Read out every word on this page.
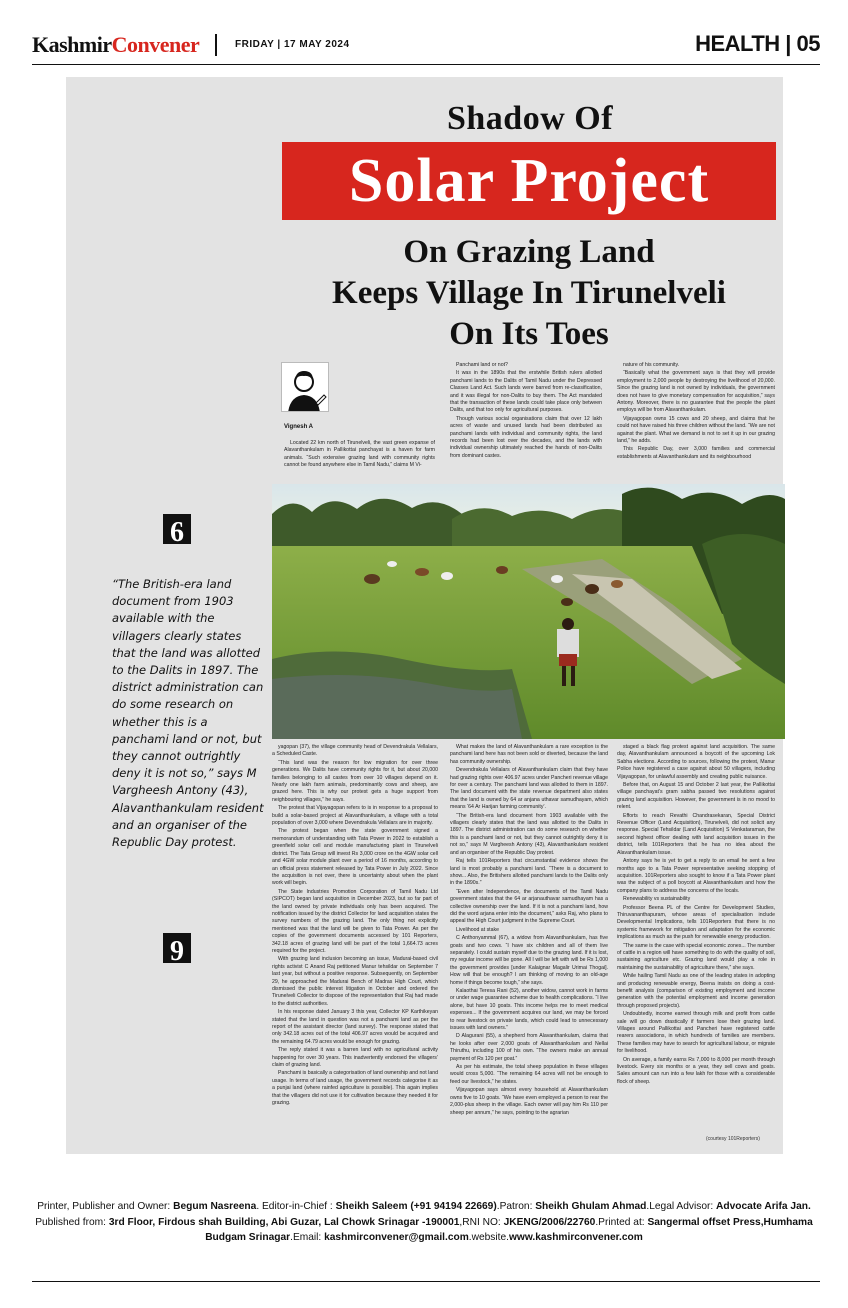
KashmirConvener	FRIDAY | 17 MAY 2024	HEALTH | 05
Shadow Of
Solar Project
On Grazing Land
Keeps Village In Tirunelveli
On Its Toes
Vignesh A

Located 22 km north of Tirunelveli, the vast green expanse of Alavanthankulam in Pallikottai panchayat is a haven for farm animals. “Such extensive grazing land with community rights cannot be found anywhere else in Tamil Nadu,” claims M Vi-

Panchami land or not?

It was in the 1890s that the erstwhile British rulers allotted panchami lands to the Dalits of Tamil Nadu under the Depressed Classes Land Act. Such lands were barred from re-classification, and it was illegal for non-Dalits to buy them. The Act mandated that the transaction of these lands could take place only between Dalits, and that too only for agricultural purposes.

Though various social organisations claim that over 12 lakh acres of waste and unused lands had been distributed as panchami lands with individual and community rights, the land records had been lost over the decades, and the lands with individual ownership ultimately reached the hands of non-Dalits from dominant castes.

nature of his community.

“Basically what the government says is that they will provide employment to 2,000 people by destroying the livelihood of 20,000. Since the grazing land is not owned by individuals, the government does not have to give monetary compensation for acquisition,” says Antony. Moreover, there is no guarantee that the people the plant employs will be from Alavanthankulam.

Vijayagopan owns 15 cows and 20 sheep, and claims that he could not have raised his three children without the land. “We are not against the plant. What we demand is not to set it up in our grazing land,” he adds.

This Republic Day, over 3,000 families and commercial establishments at Alavanthankulam and its neighbourhood

6
“The British-era land document from 1903 available with the villagers clearly states that the land was allotted to the Dalits in 1897. The district administration can do some research on whether this is a panchami land or not, but they cannot outrightly deny it is not so,” says M Vargheesh Antony (43), Alavanthankulam resident and an organiser of the Republic Day protest.
9

yagopan (37), the village community head of Devendrakula Vellalars, a Scheduled Caste.

“This land was the reason for low migration for over three generations. We Dalits have community rights for it, but about 20,000 families belonging to all castes from over 10 villages depend on it. Nearly one lakh farm animals, predominantly cows and sheep, are grazed here. This is why our protest gets a huge support from neighbouring villages,” he says.

The protest that Vijayagopan refers to is in response to a proposal to build a solar-based project at Alavanthankulam, a village with a total population of over 3,000 where Devendrakula Vellalars are in majority.

The protest began when the state government signed a memorandum of understanding with Tata Power in 2022 to establish a greenfield solar cell and module manufacturing plant in Tirunelveli district. The Tata Group will invest Rs 3,000 crore on the 4GW solar cell and 4GW solar module plant over a period of 16 months, according to an official press statement released by Tata Power in July 2022. Since the acquisition is not over, there is uncertainty about when the plant work will begin.

The State Industries Promotion Corporation of Tamil Nadu Ltd (SIPCOT) began land acquisition in December 2023, but so far part of the land owned by private individuals only has been acquired. The notification issued by the district Collector for land acquisition states the survey numbers of the grazing land. The only thing not explicitly mentioned was that the land will be given to Tata Power. As per the copies of the government documents accessed by 101 Reporters, 342.18 acres of grazing land will be part of the total 1,664.73 acres required for the project.

With grazing land inclusion becoming an issue, Madurai-based civil rights activist C Anand Raj petitioned Manur tehsildar on September 7 last year, but without a positive response. Subsequently, on September 29, he approached the Madurai Bench of Madras High Court, which dismissed the public interest litigation in October and ordered the Tirunelveli Collector to dispose of the representation that Raj had made to the district authorities.

In his response dated January 3 this year, Collector KP Karthikeyan stated that the land in question was not a panchami land as per the report of the assistant director (land survey). The response stated that only 342.18 acres out of the total 406.97 acres would be acquired and the remaining 64.79 acres would be enough for grazing.

The reply stated it was a barren land with no agricultural activity happening for over 30 years. This inadvertently endorsed the villagers’ claim of grazing land.

Panchami is basically a categorisation of land ownership and not land usage. In terms of land usage, the government records categorise it as a punjai land (where rainfed agriculture is possible). This again implies that the villagers did not use it for cultivation because they needed it for grazing.

What makes the land of Alavanthankulam a rare exception is the panchami land here has not been sold or diverted, because the land has community ownership.

Devendrakula Vellalars of Alavanthankulam claim that they have had grazing rights over 406.97 acres under Pancheri revenue village for over a century. The panchami land was allotted to them in 1897. The land document with the state revenue department also states that the land is owned by 64 ar anjana uthavar samudhayam, which means ‘64 Ar Harijan farming community’.

“The British-era land document from 1903 available with the villagers clearly states that the land was allotted to the Dalits in 1897. The district administration can do some research on whether this is a panchami land or not, but they cannot outrightly deny it is not so,” says M Vargheesh Antony (43), Alavanthankulam resident and an organiser of the Republic Day protest.

Raj tells 101Reporters that circumstantial evidence shows the land is most probably a panchami land. “There is a document to show... Also, the Britishers allotted panchami lands to the Dalits only in the 1890s.”

“Even after Independence, the documents of the Tamil Nadu government states that the 64 ar arjanauthavar samudhayam has a collective ownership over the land. If it is not a panchami land, how did the word arjana enter into the document,” asks Raj, who plans to appeal the High Court judgment in the Supreme Court.

Livelihood at stake

C Anthonyammal (67), a widow from Alavanthankulam, has five goats and two cows. “I have six children and all of them live separately. I could sustain myself due to the grazing land. If it is lost, my regular income will be gone. All I will be left with will be Rs 1,000 the government provides [under Kalaignar Magalir Urimai Thogai]. How will that be enough? I am thinking of moving to an old-age home if things become tough,” she says.

Kalaothai Teresa Rani (52), another widow, cannot work in farms or under wage guarantee scheme due to health complications. “I live alone, but have 10 goats. This income helps me to meet medical expenses... If the government acquires our land, we may be forced to rear livestock on private lands, which could lead to unnecessary issues with land owners.”

D Alagurani (55), a shepherd from Alavanthankulam, claims that he looks after over 2,000 goats of Alavanthankulam and Nellai Thiruthu, including 100 of his own. “The owners make an annual payment of Rs 120 per goat.”

As per his estimate, the total sheep population in these villages would cross 5,000. “The remaining 64 acres will not be enough to feed our livestock,” he states.

Vijayagopan says almost every household at Alavanthankulam owns five to 10 goats. “We have even employed a person to rear the 2,000-plus sheep in the village. Each owner will pay him Rs 110 per sheep per annum,” he says, pointing to the agrarian

staged a black flag protest against land acquisition. The same day, Alavanthankulam announced a boycott of the upcoming Lok Sabha elections. According to sources, following the protest, Manur Police have registered a case against about 50 villagers, including Vijayagopan, for unlawful assembly and creating public nuisance.

Before that, on August 15 and October 2 last year, the Pallikottai village panchayat’s gram sabha passed two resolutions against grazing land acquisition. However, the government is in no mood to relent.

Efforts to reach Revathi Chandrasekaran, Special District Revenue Officer (Land Acquisition), Tirunelveli, did not solicit any response. Special Tehsildar (Land Acquisition) S Venkataraman, the second highest officer dealing with land acquisition issues in the district, tells 101Reporters that he has no idea about the Alavanthankulam issue.

Antony says he is yet to get a reply to an email he sent a few months ago to a Tata Power representative seeking stopping of acquisition. 101Reporters also sought to know if a Tata Power plant was the subject of a poll boycott at Alavanthankulam and how the company plans to address the concerns of the locals.

Renewability vs sustainability

Professor Beena PL of the Centre for Development Studies, Thiruvananthapuram, whose areas of specialisation include Developmental Implications, tells 101Reporters that there is no systemic framework for mitigation and adaptation for the economic implications as much as the push for renewable energy production.

“The same is the case with special economic zones... The number of cattle in a region will have something to do with the quality of soil, sustaining agriculture etc. Grazing land would play a role in maintaining the sustainability of agriculture there,” she says.

While hailing Tamil Nadu as one of the leading states in adopting and producing renewable energy, Beena insists on doing a cost-benefit analysis (comparison of existing employment and income generation with the potential employment and income generation through proposed projects).

Undoubtedly, income earned through milk and profit from cattle sale will go down drastically if farmers lose their grazing land. Villages around Pallikottai and Pancheri have registered cattle rearers associations, in which hundreds of families are members. These families may have to search for agricultural labour, or migrate for livelihood.

On average, a family earns Rs 7,000 to 8,000 per month through livestock. Every six months or a year, they sell cows and goats. Sales amount can run into a few lakh for those with a considerable flock of sheep.

(courtesy 101Reporters)
Printer, Publisher and Owner: Begum Nasreena. Editor-in-Chief : Sheikh Saleem (+91 94194 22669).Patron: Sheikh Ghulam Ahmad.Legal Advisor: Advocate Arifa Jan.
Published from: 3rd Floor, Firdous shah Building, Abi Guzar, Lal Chowk Srinagar -190001,RNI NO: JKENG/2006/22760.Printed at: Sangermal offset Press,Humhama
Budgam Srinagar.Email: kashmirconvener@gmail.com.website.www.kashmirconvener.com
